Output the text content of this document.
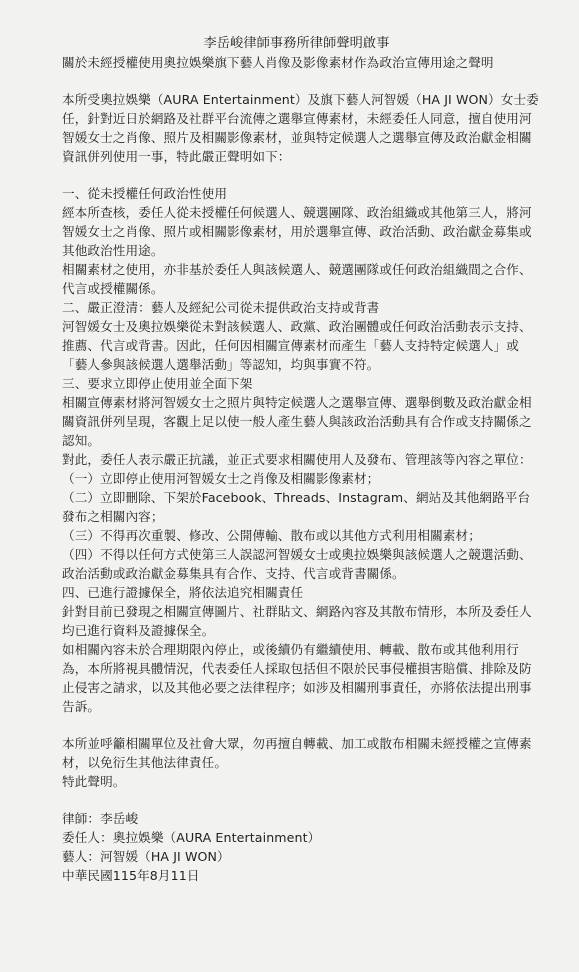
李岳峻律師事務所律師聲明啟事

關於未經授權使用奧拉娛樂旗下藝人肖像及影像素材作為政治宣傳用途之聲明

本所受奧拉娛樂（AURA Entertainment）及旗下藝人河智媛（HA JI WON）女士委任，針對近日於網路及社群平台流傳之選舉宣傳素材，未經委任人同意，擅自使用河智媛女士之肖像、照片及相關影像素材，並與特定候選人之選舉宣傳及政治獻金相關資訊併列使用一事，特此嚴正聲明如下：

一、從未授權任何政治性使用

經本所查核，委任人從未授權任何候選人、競選團隊、政治組織或其他第三人，將河智媛女士之肖像、照片或相關影像素材，用於選舉宣傳、政治活動、政治獻金募集或其他政治性用途。

相關素材之使用，亦非基於委任人與該候選人、競選團隊或任何政治組織間之合作、代言或授權關係。

二、嚴正澄清：藝人及經紀公司從未提供政治支持或背書

河智媛女士及奧拉娛樂從未對該候選人、政黨、政治團體或任何政治活動表示支持、推薦、代言或背書。因此，任何因相關宣傳素材而產生「藝人支持特定候選人」或「藝人參與該候選人選舉活動」等認知，均與事實不符。

三、要求立即停止使用並全面下架

相關宣傳素材將河智媛女士之照片與特定候選人之選舉宣傳、選舉倒數及政治獻金相關資訊併列呈現，客觀上足以使一般人產生藝人與該政治活動具有合作或支持關係之認知。

對此，委任人表示嚴正抗議，並正式要求相關使用人及發布、管理該等內容之單位：

（一）立即停止使用河智媛女士之肖像及相關影像素材；

（二）立即刪除、下架於Facebook、Threads、Instagram、網站及其他網路平台發布之相關內容；

（三）不得再次重製、修改、公開傳輸、散布或以其他方式利用相關素材；

（四）不得以任何方式使第三人誤認河智媛女士或奧拉娛樂與該候選人之競選活動、政治活動或政治獻金募集具有合作、支持、代言或背書關係。

四、已進行證據保全，將依法追究相關責任

針對目前已發現之相關宣傳圖片、社群貼文、網路內容及其散布情形，本所及委任人均已進行資料及證據保全。

如相關內容未於合理期限內停止，或後續仍有繼續使用、轉載、散布或其他利用行為，本所將視具體情況，代表委任人採取包括但不限於民事侵權損害賠償、排除及防止侵害之請求，以及其他必要之法律程序；如涉及相關刑事責任，亦將依法提出刑事告訴。

本所並呼籲相關單位及社會大眾，勿再擅自轉載、加工或散布相關未經授權之宣傳素材，以免衍生其他法律責任。

特此聲明。

律師：李岳峻

委任人：奧拉娛樂（AURA Entertainment）

藝人：河智媛（HA JI WON）

中華民國115年8月11日
